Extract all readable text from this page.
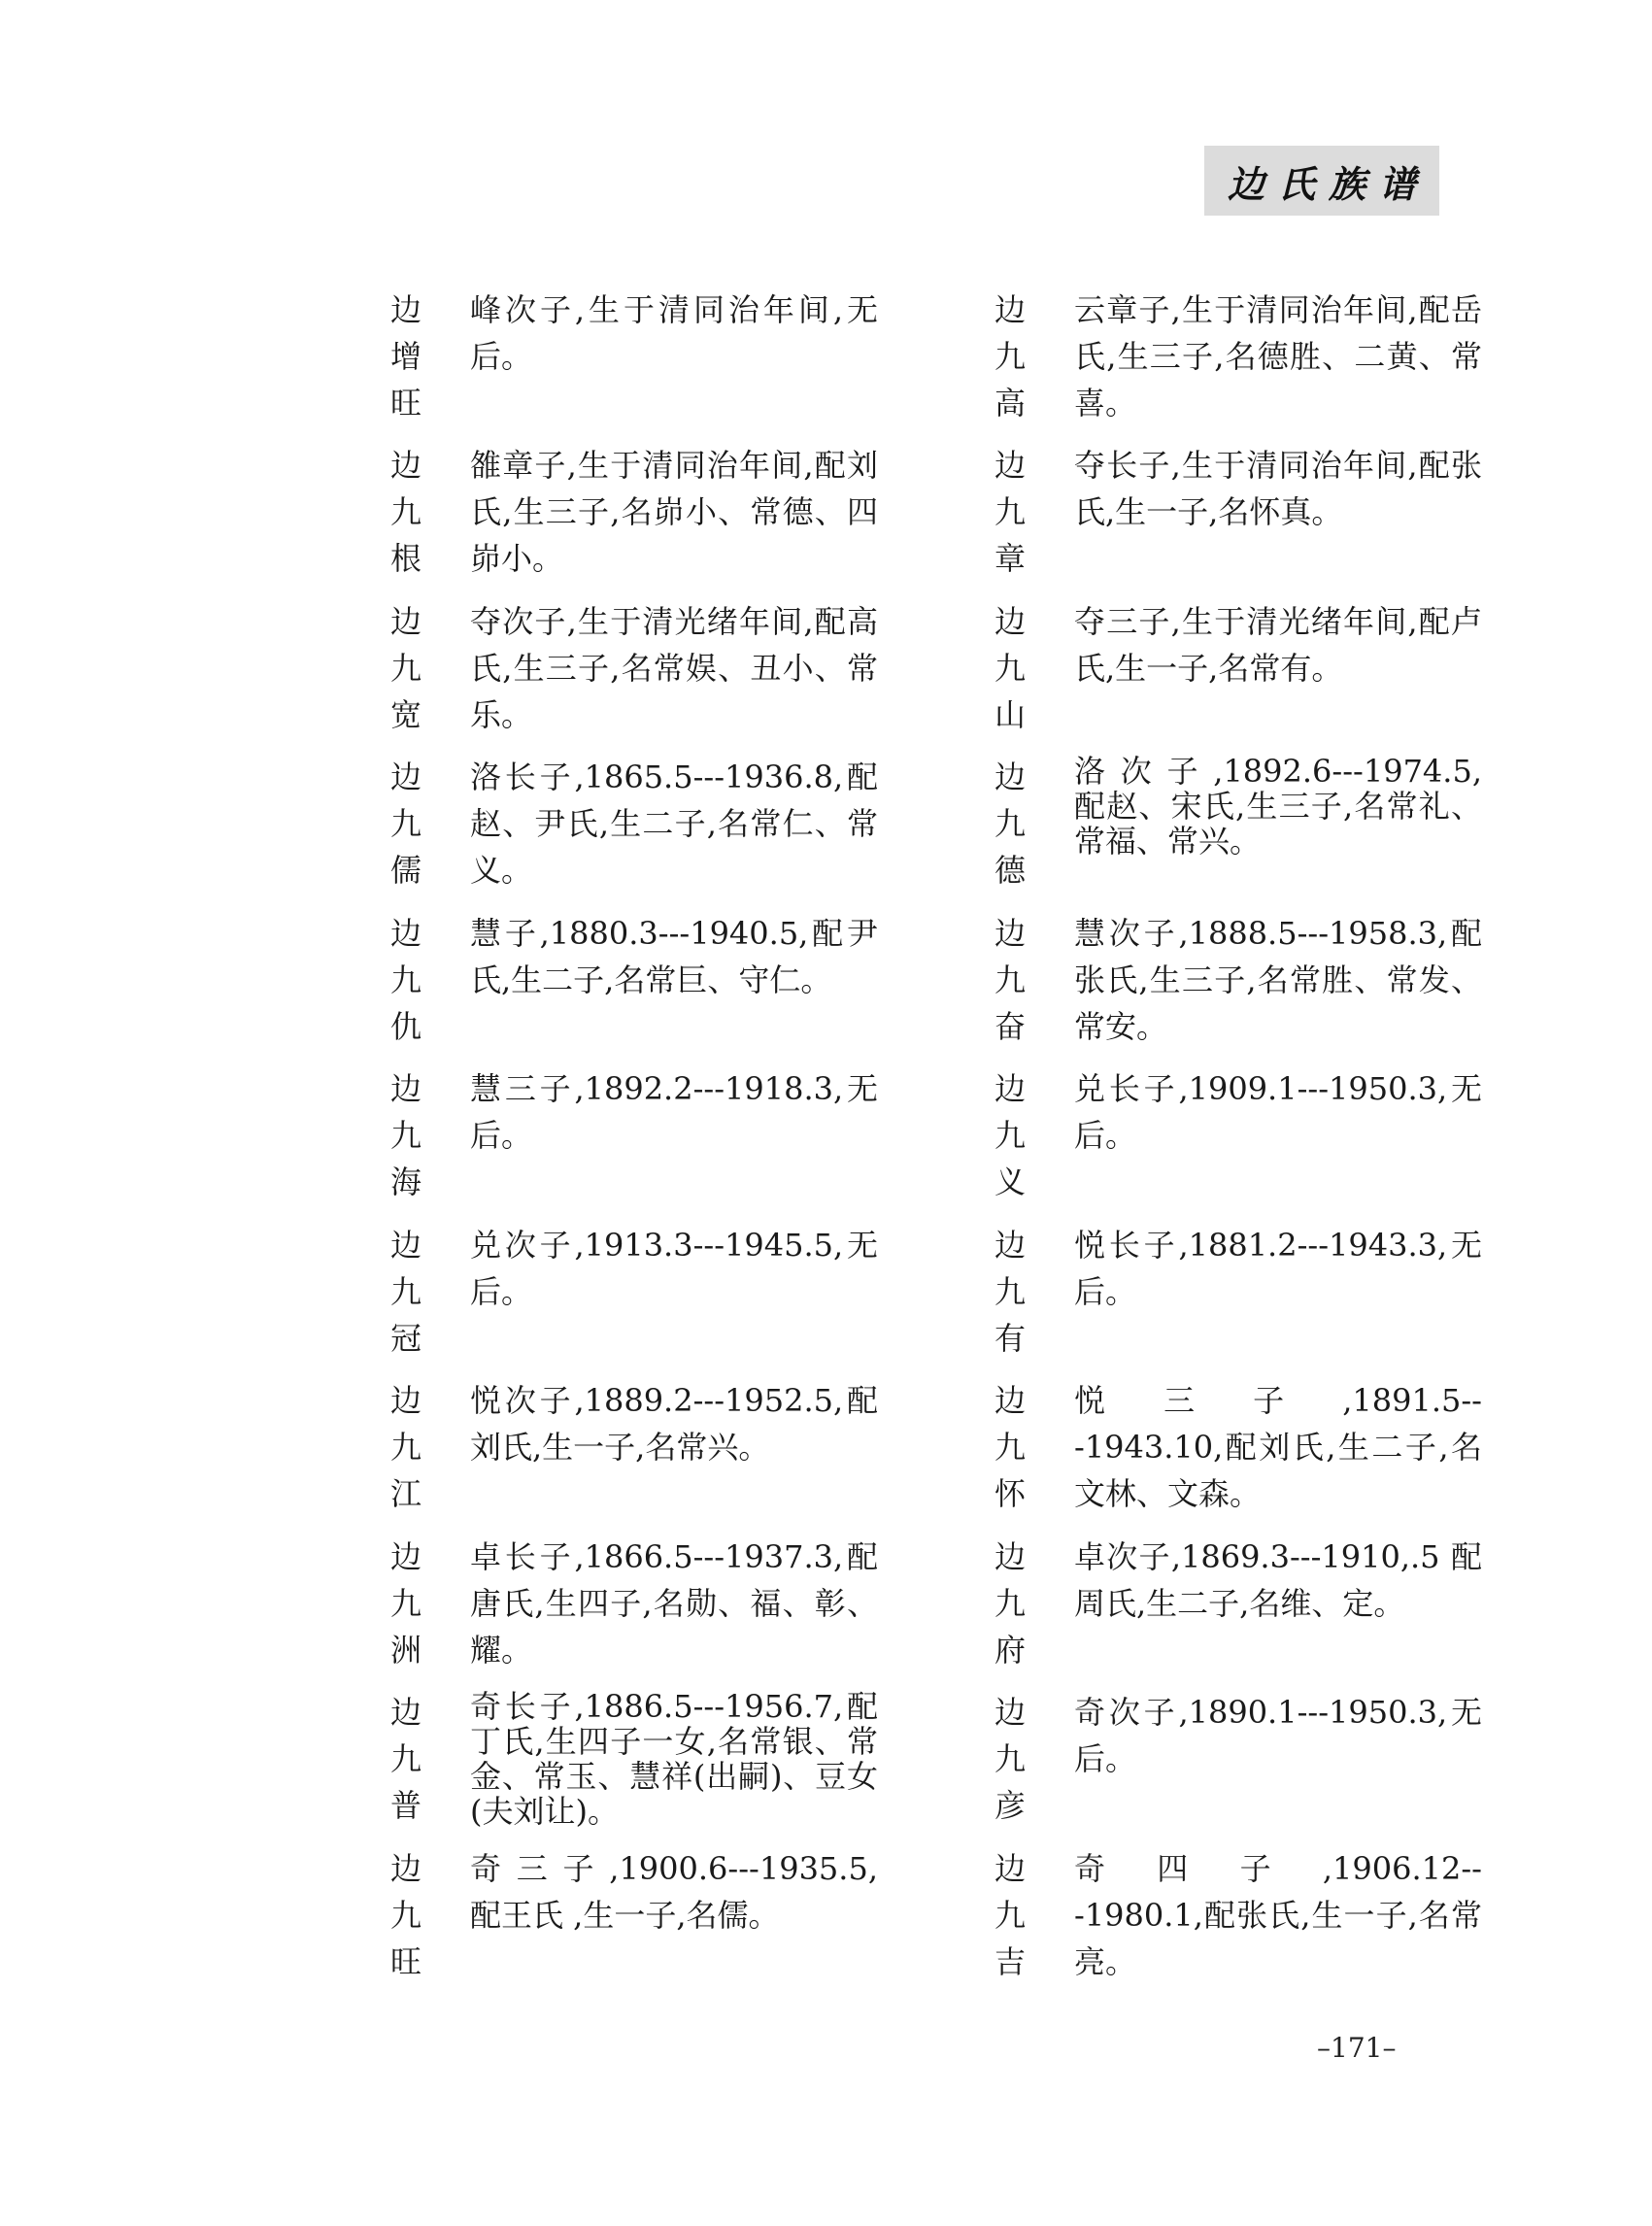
边氏族谱
边
增
旺
峰次子,生于清同治年间,无后。
边
九
高
云章子,生于清同治年间,配岳氏,生三子,名德胜、二黄、常喜。
边
九
根
雒章子,生于清同治年间,配刘氏,生三子,名峁小、常德、四峁小。
边
九
章
夺长子,生于清同治年间,配张氏,生一子,名怀真。
边
九
宽
夺次子,生于清光绪年间,配高氏,生三子,名常娱、丑小、常乐。
边
九
山
夺三子,生于清光绪年间,配卢氏,生一子,名常有。
边
九
儒
洛长子,1865.5---1936.8,配赵、尹氏,生二子,名常仁、常义。
边
九
德
洛 次 子 ,1892.6---1974.5,配赵、宋氏,生三子,名常礼、常福、常兴。
边
九
仇
慧子,1880.3---1940.5,配尹氏,生二子,名常巨、守仁。
边
九
奋
慧次子,1888.5---1958.3,配张氏,生三子,名常胜、常发、常安。
边
九
海
慧三子,1892.2---1918.3,无后。
边
九
义
兑长子,1909.1---1950.3,无后。
边
九
冠
兑次子,1913.3---1945.5,无后。
边
九
有
悦长子,1881.2---1943.3,无后。
边
九
江
悦次子,1889.2---1952.5,配刘氏,生一子,名常兴。
边
九
怀
悦 三 子 ,1891.5---1943.10,配刘氏,生二子,名文林、文森。
边
九
洲
卓长子,1866.5---1937.3,配唐氏,生四子,名勋、福、彰、耀。
边
九
府
卓次子,1869.3---1910,.5 配周氏,生二子,名维、定。
边
九
普
奇长子,1886.5---1956.7,配丁氏,生四子一女,名常银、常金、常玉、慧祥(出嗣)、豆女(夫刘让)。
边
九
彦
奇次子,1890.1---1950.3,无后。
边
九
旺
奇 三 子 ,1900.6---1935.5,配王氏 ,生一子,名儒。
边
九
吉
奇 四 子 ,1906.12---1980.1,配张氏,生一子,名常亮。
–171–
